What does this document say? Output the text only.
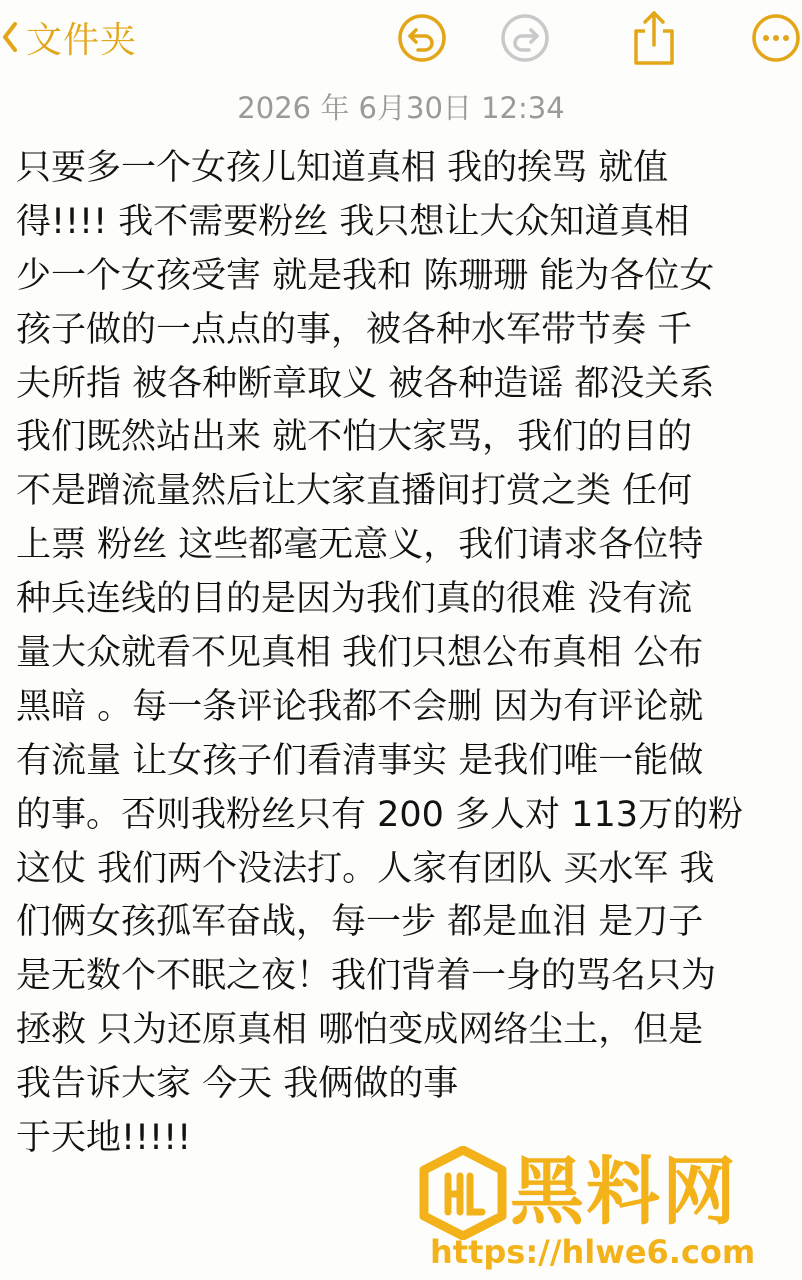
文件夹
2026 年 6月30日 12:34
只要多一个女孩儿知道真相 我的挨骂 就值
得!!!! 我不需要粉丝 我只想让大众知道真相
少一个女孩受害 就是我和 陈珊珊 能为各位女
孩子做的一点点的事，被各种水军带节奏 千
夫所指 被各种断章取义 被各种造谣 都没关系
我们既然站出来 就不怕大家骂，我们的目的
不是蹭流量然后让大家直播间打赏之类 任何
上票 粉丝 这些都毫无意义，我们请求各位特
种兵连线的目的是因为我们真的很难 没有流
量大众就看不见真相 我们只想公布真相 公布
黑暗 。每一条评论我都不会删 因为有评论就
有流量 让女孩子们看清事实 是我们唯一能做
的事。否则我粉丝只有 200 多人对 113万的粉
这仗 我们两个没法打。人家有团队 买水军 我
们俩女孩孤军奋战，每一步 都是血泪 是刀子
是无数个不眠之夜！我们背着一身的骂名只为
拯救 只为还原真相 哪怕变成网络尘土，但是
我告诉大家 今天 我俩做的事
于天地!!!!!
黑料网
https://hlwe6.com
